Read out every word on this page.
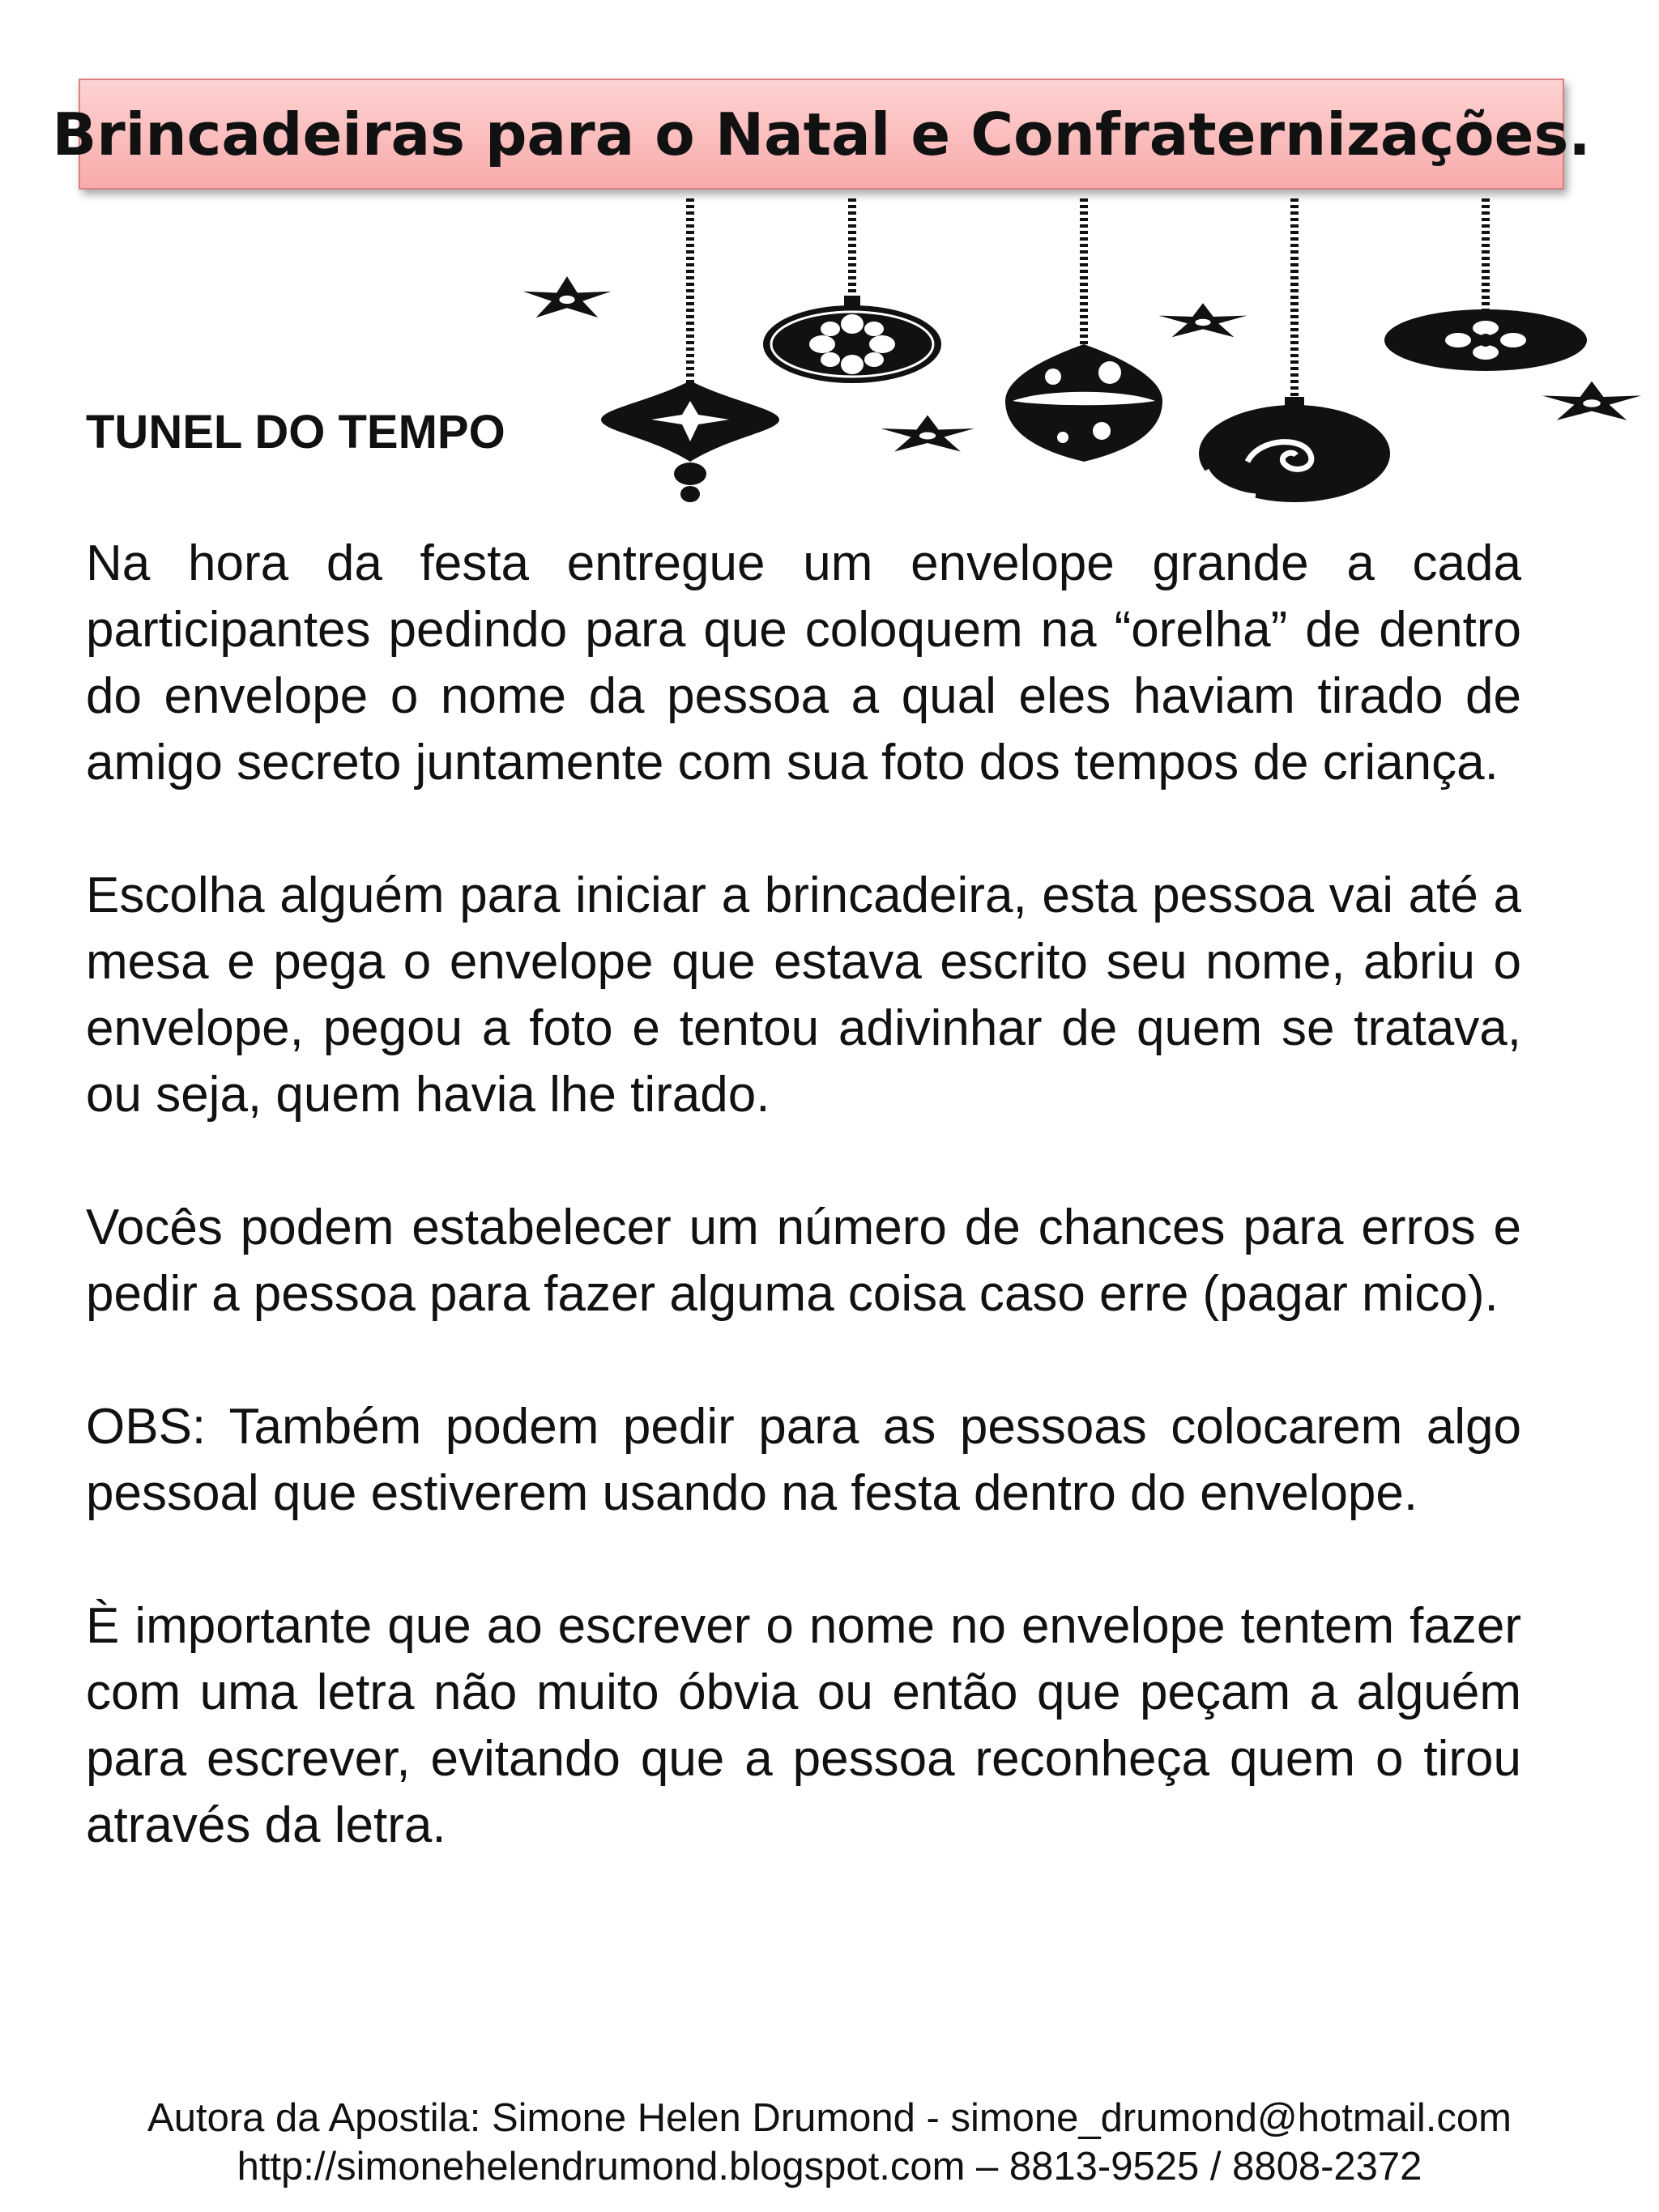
Brincadeiras para o Natal e Confraternizações.
TUNEL DO TEMPO

Na hora da festa entregue um envelope grande a cada participantes pedindo para que coloquem na “orelha” de dentro do envelope o nome da pessoa a qual eles haviam tirado de amigo secreto juntamente com sua foto dos tempos de criança.

Escolha alguém para iniciar a brincadeira, esta pessoa vai até a mesa e pega o envelope que estava escrito seu nome, abriu o envelope, pegou a foto e tentou adivinhar de quem se tratava, ou seja, quem havia lhe tirado.

Vocês podem estabelecer um número de chances para erros e pedir a pessoa para fazer alguma coisa caso erre (pagar mico).

OBS: Também podem pedir para as pessoas colocarem algo pessoal que estiverem usando na festa dentro do envelope.

È importante que ao escrever o nome no envelope tentem fazer com uma letra não muito óbvia ou então que peçam a alguém para escrever, evitando que a pessoa reconheça quem o tirou através da letra.

Autora da Apostila: Simone Helen Drumond - simone_drumond@hotmail.com
http://simonehelendrumond.blogspot.com – 8813-9525 / 8808-2372
